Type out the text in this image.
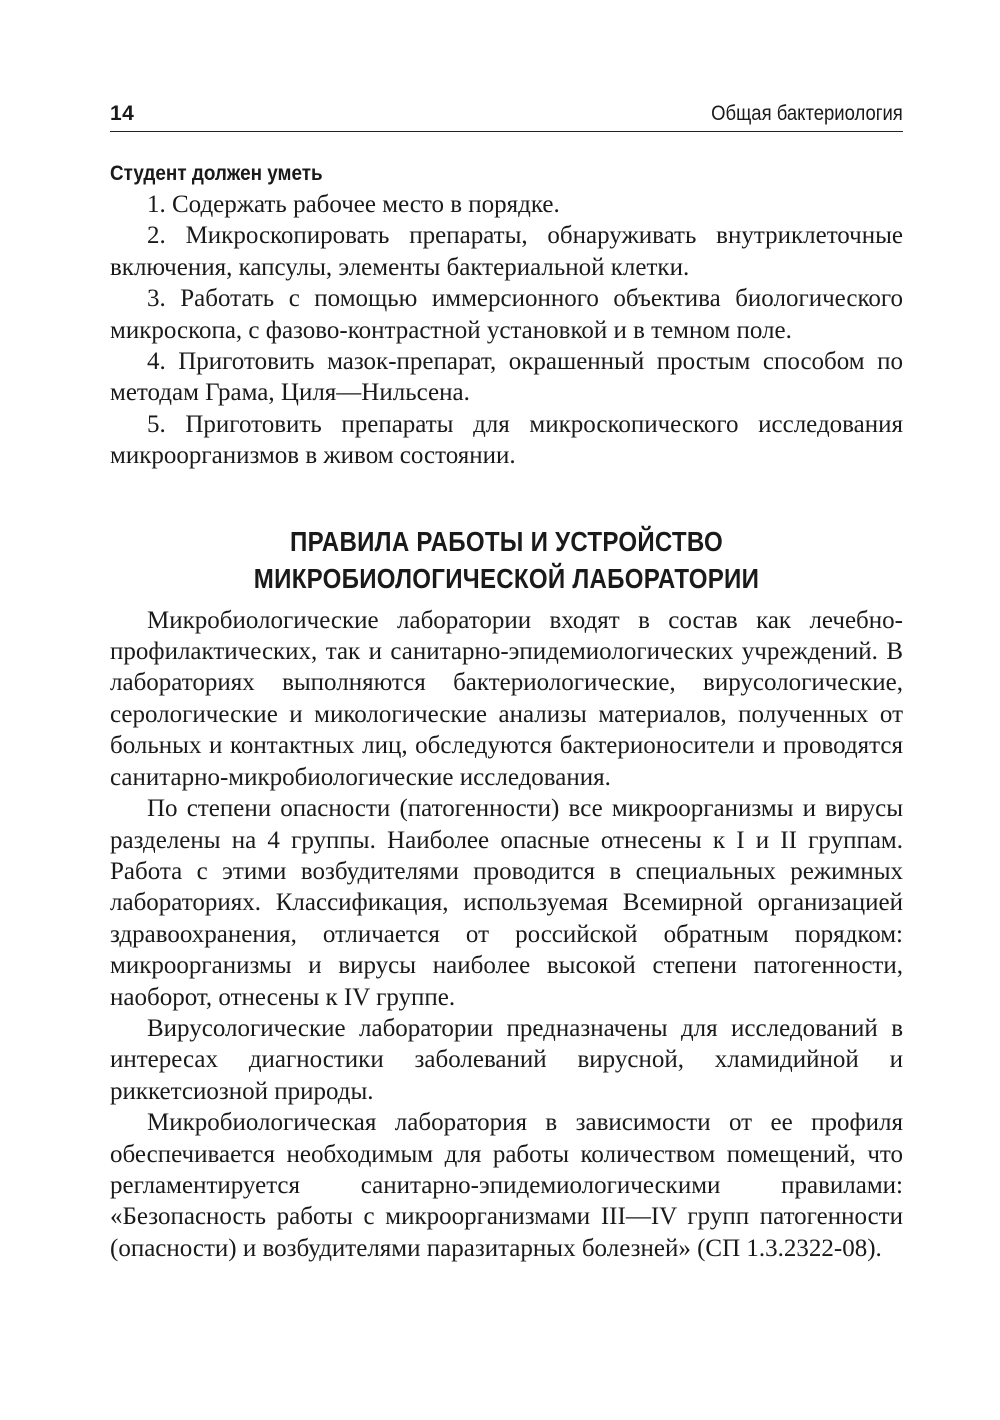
14	Общая бактериология
Студент должен уметь

1. Содержать рабочее место в порядке.

2. Микроскопировать препараты, обнаруживать внутриклеточные включения, капсулы, элементы бактериальной клетки.

3. Работать с помощью иммерсионного объектива биологического микроскопа, с фазово-контрастной установкой и в темном поле.

4. Приготовить мазок-препарат, окрашенный простым способом по методам Грама, Циля—Нильсена.

5. Приготовить препараты для микроскопического исследования микроорганизмов в живом состоянии.

ПРАВИЛА РАБОТЫ И УСТРОЙСТВО
МИКРОБИОЛОГИЧЕСКОЙ ЛАБОРАТОРИИ

Микробиологические лаборатории входят в состав как лечебно-профилактических, так и санитарно-эпидемиологических учреждений. В лабораториях выполняются бактериологические, вирусологические, серологические и микологические анализы материалов, полученных от больных и контактных лиц, обследуются бактерионосители и проводятся санитарно-микробиологические исследования.

По степени опасности (патогенности) все микроорганизмы и вирусы разделены на 4 группы. Наиболее опасные отнесены к I и II группам. Работа с этими возбудителями проводится в специальных режимных лабораториях. Классификация, используемая Всемирной организацией здравоохранения, отличается от российской обратным порядком: микроорганизмы и вирусы наиболее высокой степени патогенности, наоборот, отнесены к IV группе.

Вирусологические лаборатории предназначены для исследований в интересах диагностики заболеваний вирусной, хламидийной и риккетсиозной природы.

Микробиологическая лаборатория в зависимости от ее профиля обеспечивается необходимым для работы количеством помещений, что регламентируется санитарно-эпидемиологическими правилами: «Безопасность работы с микроорганизмами III—IV групп патогенности (опасности) и возбудителями паразитарных болезней» (СП 1.3.2322-08).
